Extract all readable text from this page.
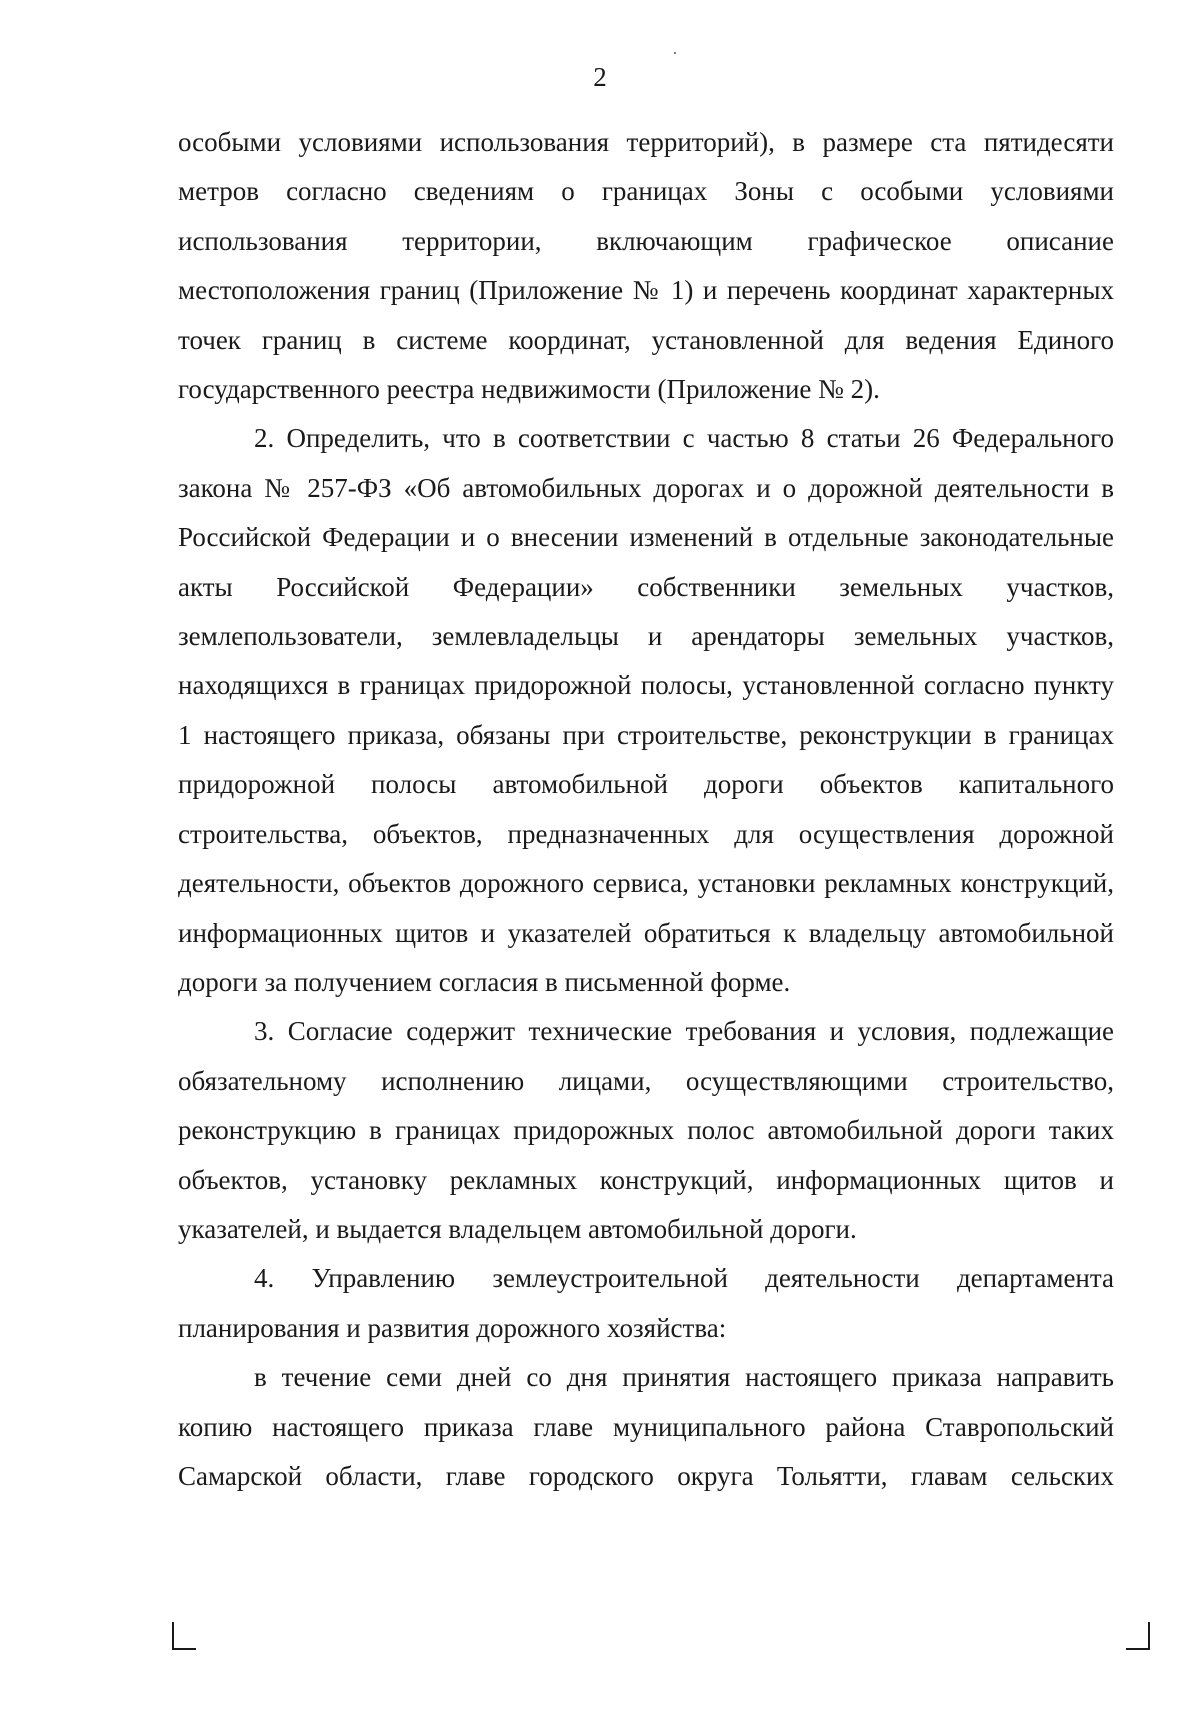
2

особыми условиями использования территорий), в размере ста пятидесяти метров согласно сведениям о границах Зоны с особыми условиями использования территории, включающим графическое описание местоположения границ (Приложение № 1) и перечень координат характерных точек границ в системе координат, установленной для ведения Единого государственного реестра недвижимости (Приложение № 2).

2. Определить, что в соответствии с частью 8 статьи 26 Федерального закона № 257-ФЗ «Об автомобильных дорогах и о дорожной деятельности в Российской Федерации и о внесении изменений в отдельные законодательные акты Российской Федерации» собственники земельных участков, землепользователи, землевладельцы и арендаторы земельных участков, находящихся в границах придорожной полосы, установленной согласно пункту 1 настоящего приказа, обязаны при строительстве, реконструкции в границах придорожной полосы автомобильной дороги объектов капитального строительства, объектов, предназначенных для осуществления дорожной деятельности, объектов дорожного сервиса, установки рекламных конструкций, информационных щитов и указателей обратиться к владельцу автомобильной дороги за получением согласия в письменной форме.

3. Согласие содержит технические требования и условия, подлежащие обязательному исполнению лицами, осуществляющими строительство, реконструкцию в границах придорожных полос автомобильной дороги таких объектов, установку рекламных конструкций, информационных щитов и указателей, и выдается владельцем автомобильной дороги.

4. Управлению землеустроительной деятельности департамента планирования и развития дорожного хозяйства:

в течение семи дней со дня принятия настоящего приказа направить копию настоящего приказа главе муниципального района Ставропольский Самарской области, главе городского округа Тольятти, главам сельских
